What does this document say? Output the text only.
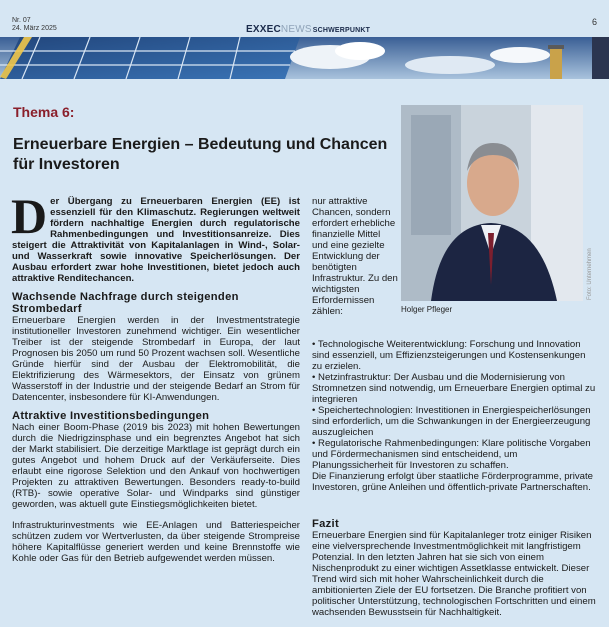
Nr. 07
24. März 2025	EXXECNEWSSCHWERPUNKT
6
Thema 6:
Erneuerbare Energien – Bedeutung und Chancen für Investoren

Der Übergang zu Erneuerbaren Energien (EE) ist essenziell für den Klimaschutz. Regierungen weltweit fördern nachhaltige Energien durch regulatorische Rahmenbedingungen und Investitionsanreize. Dies steigert die Attraktivität von Kapitalanlagen in Wind-, Solar- und Wasserkraft sowie innovative Speicherlösungen. Der Ausbau erfordert zwar hohe Investitionen, bietet jedoch auch attraktive Renditechancen.

Wachsende Nachfrage durch steigenden Strombedarf

Erneuerbare Energien werden in der Investmentstrategie institutioneller Investoren zunehmend wichtiger. Ein wesentlicher Treiber ist der steigende Strombedarf in Europa, der laut Prognosen bis 2050 um rund 50 Prozent wachsen soll. Wesentliche Gründe hierfür sind der Ausbau der Elektromobilität, die Elektrifizierung des Wärmesektors, der Einsatz von grünem Wasserstoff in der Industrie und der steigende Bedarf an Strom für Datencenter, insbesondere für KI-Anwendungen.

Attraktive Investitionsbedingungen

Nach einer Boom-Phase (2019 bis 2023) mit hohen Bewertungen durch die Niedrigzinsphase und ein begrenztes Angebot hat sich der Markt stabilisiert. Die derzeitige Marktlage ist geprägt durch ein gutes Angebot und hohem Druck auf der Verkäuferseite. Dies erlaubt eine rigorose Selektion und den Ankauf von hochwertigen Projekten zu attraktiven Bewertungen. Besonders ready-to-build (RTB)- sowie operative Solar- und Windparks sind günstiger geworden, was aktuell gute Einstiegsmöglichkeiten bietet.

Infrastrukturinvestments wie EE-Anlagen und Batteriespeicher schützen zudem vor Wertverlusten, da über steigende Strompreise höhere Kapitalflüsse generiert werden und keine Brennstoffe wie Kohle oder Gas für den Betrieb aufgewendet werden müssen.

nur attraktive Chancen, sondern erfordert erhebliche finanzielle Mittel und eine gezielte Entwicklung der benötigten Infrastruktur. Zu den wichtigsten Erfordernissen zählen:

Foto: Unternehmen
Holger Pfleger

• Technologische Weiterentwicklung: Forschung und Innovation sind essenziell, um Effizienzsteigerungen und Kostensenkungen zu erzielen.

• Netzinfrastruktur: Der Ausbau und die Modernisierung von Stromnetzen sind notwendig, um Erneuerbare Energien optimal zu integrieren

• Speichertechnologien: Investitionen in Energiespeicherlösungen sind erforderlich, um die Schwankungen in der Energieerzeugung auszugleichen

• Regulatorische Rahmenbedingungen: Klare politische Vorgaben und Fördermechanismen sind entscheidend, um Planungssicherheit für Investoren zu schaffen.

Die Finanzierung erfolgt über staatliche Förderprogramme, private Investoren, grüne Anleihen und öffentlich-private Partnerschaften.

Fazit

Erneuerbare Energien sind für Kapitalanleger trotz einiger Risiken eine vielversprechende Investmentmöglichkeit mit langfristigem Potenzial. In den letzten Jahren hat sie sich von einem Nischenprodukt zu einer wichtigen Assetklasse entwickelt. Dieser Trend wird sich mit hoher Wahrscheinlichkeit durch die ambitionierten Ziele der EU fortsetzen. Die Branche profitiert von politischer Unterstützung, technologischen Fortschritten und einem wachsenden Bewusstsein für Nachhaltigkeit.
